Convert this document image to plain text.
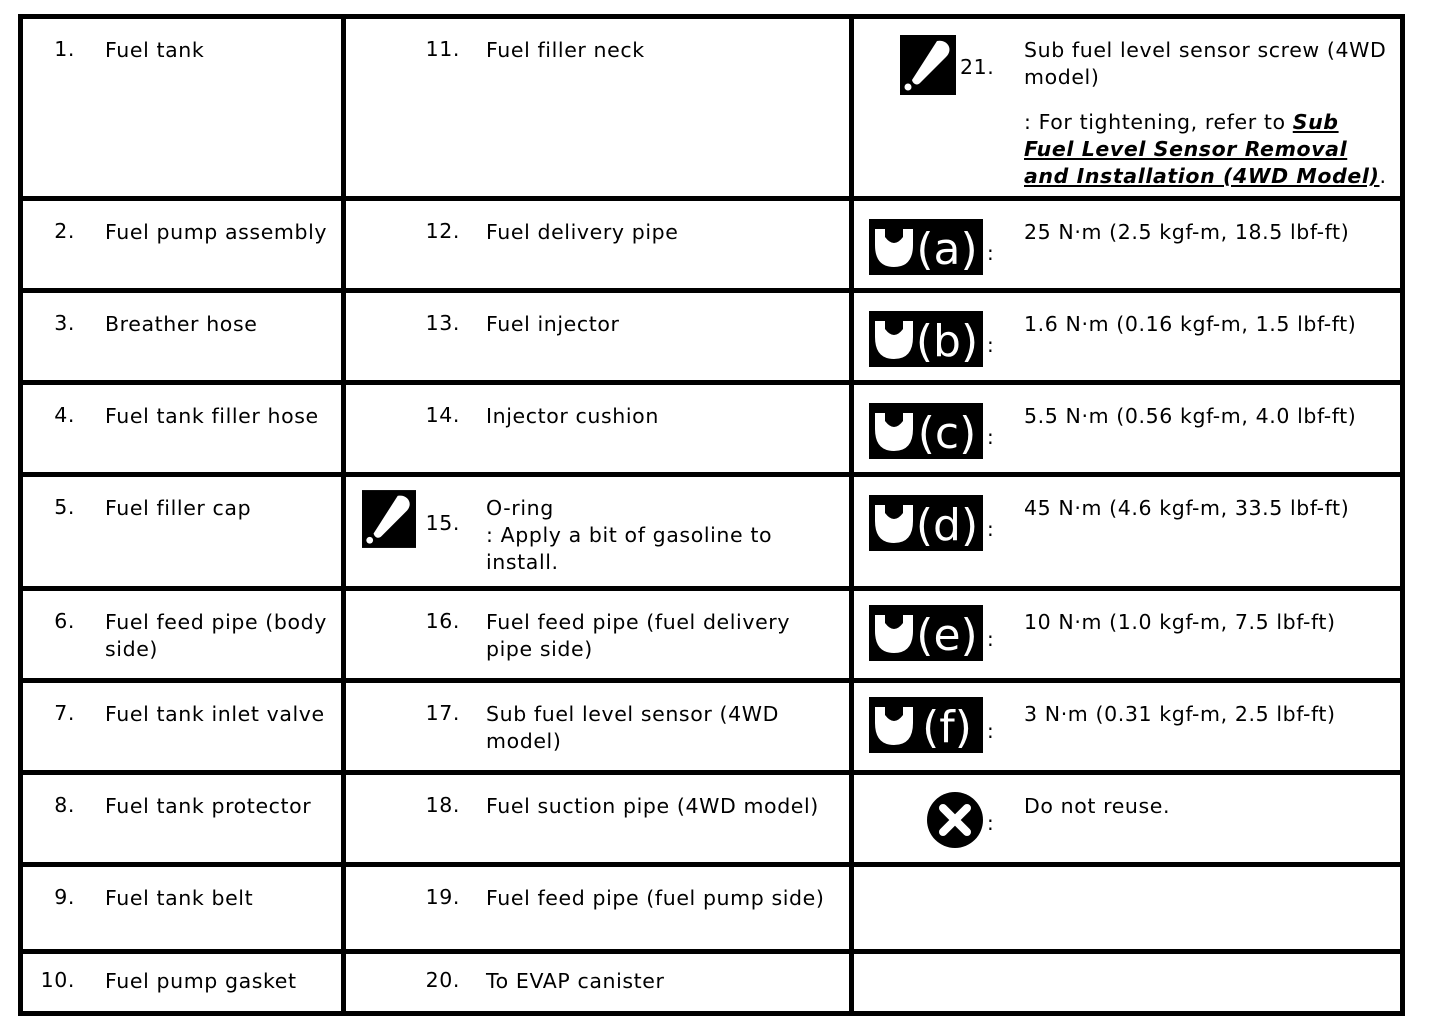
1. Fuel tank	11. Fuel filler neck	21.
Sub fuel level sensor screw (4WD model)
: For tightening, refer to Sub Fuel Level Sensor Removal and Installation (4WD Model).

2. Fuel pump assembly	12. Fuel delivery pipe	(a) :
25 N·m (2.5 kgf-m, 18.5 lbf-ft)

3. Breather hose	13. Fuel injector	(b) :
1.6 N·m (0.16 kgf-m, 1.5 lbf-ft)

4. Fuel tank filler hose	14. Injector cushion	(c) :
5.5 N·m (0.56 kgf-m, 4.0 lbf-ft)

5. Fuel filler cap	15.
O-ring
: Apply a bit of gasoline to install.	(d) :
45 N·m (4.6 kgf-m, 33.5 lbf-ft)

6. Fuel feed pipe (body side)	16. Fuel feed pipe (fuel delivery pipe side)	(e) :
10 N·m (1.0 kgf-m, 7.5 lbf-ft)

7. Fuel tank inlet valve	17. Sub fuel level sensor (4WD model)	(f) :
3 N·m (0.31 kgf-m, 2.5 lbf-ft)

8. Fuel tank protector	18. Fuel suction pipe (4WD model)	:
Do not reuse.

9. Fuel tank belt	19. Fuel feed pipe (fuel pump side)	

10. Fuel pump gasket	20. To EVAP canister	
